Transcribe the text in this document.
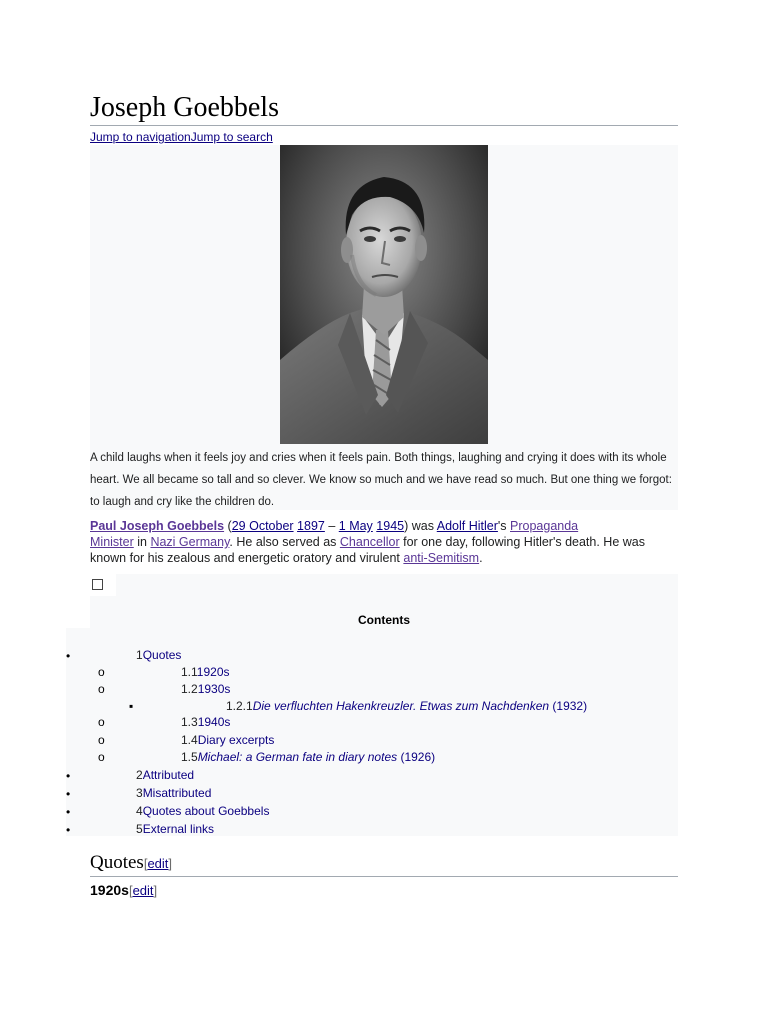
Joseph Goebbels
Jump to navigationJump to search
A child laughs when it feels joy and cries when it feels pain. Both things, laughing and crying it does with its whole heart. We all became so tall and so clever. We know so much and we have read so much. But one thing we forgot: to laugh and cry like the children do.
Paul Joseph Goebbels (29 October 1897 – 1 May 1945) was Adolf Hitler's Propaganda
Minister in Nazi Germany. He also served as Chancellor for one day, following Hitler's death. He was known for his zealous and energetic oratory and virulent anti-Semitism.
Contents
•	1Quotes
o	1.11920s
o	1.21930s
▪	1.2.1Die verfluchten Hakenkreuzler. Etwas zum Nachdenken (1932)
o	1.31940s
o	1.4Diary excerpts
o	1.5Michael: a German fate in diary notes (1926)
•	2Attributed
•	3Misattributed
•	4Quotes about Goebbels
•	5External links
Quotes[edit]
1920s[edit]
